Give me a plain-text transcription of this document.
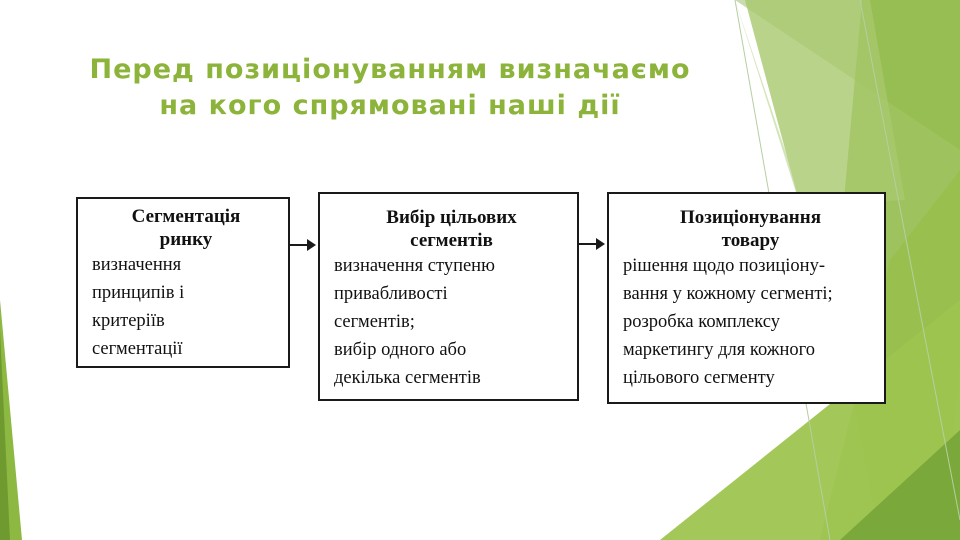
Перед позиціонуванням визначаємо
на кого спрямовані наші дії
Сегментація
ринку
визначення
принципів і
критеріїв
сегментації
Вибір цільових
сегментів
визначення ступеню
привабливості
сегментів;
вибір одного або
декілька сегментів
Позиціонування
товару
рішення щодо позиціону-
вання у кожному сегменті;
розробка комплексу
маркетингу для кожного
цільового сегменту
